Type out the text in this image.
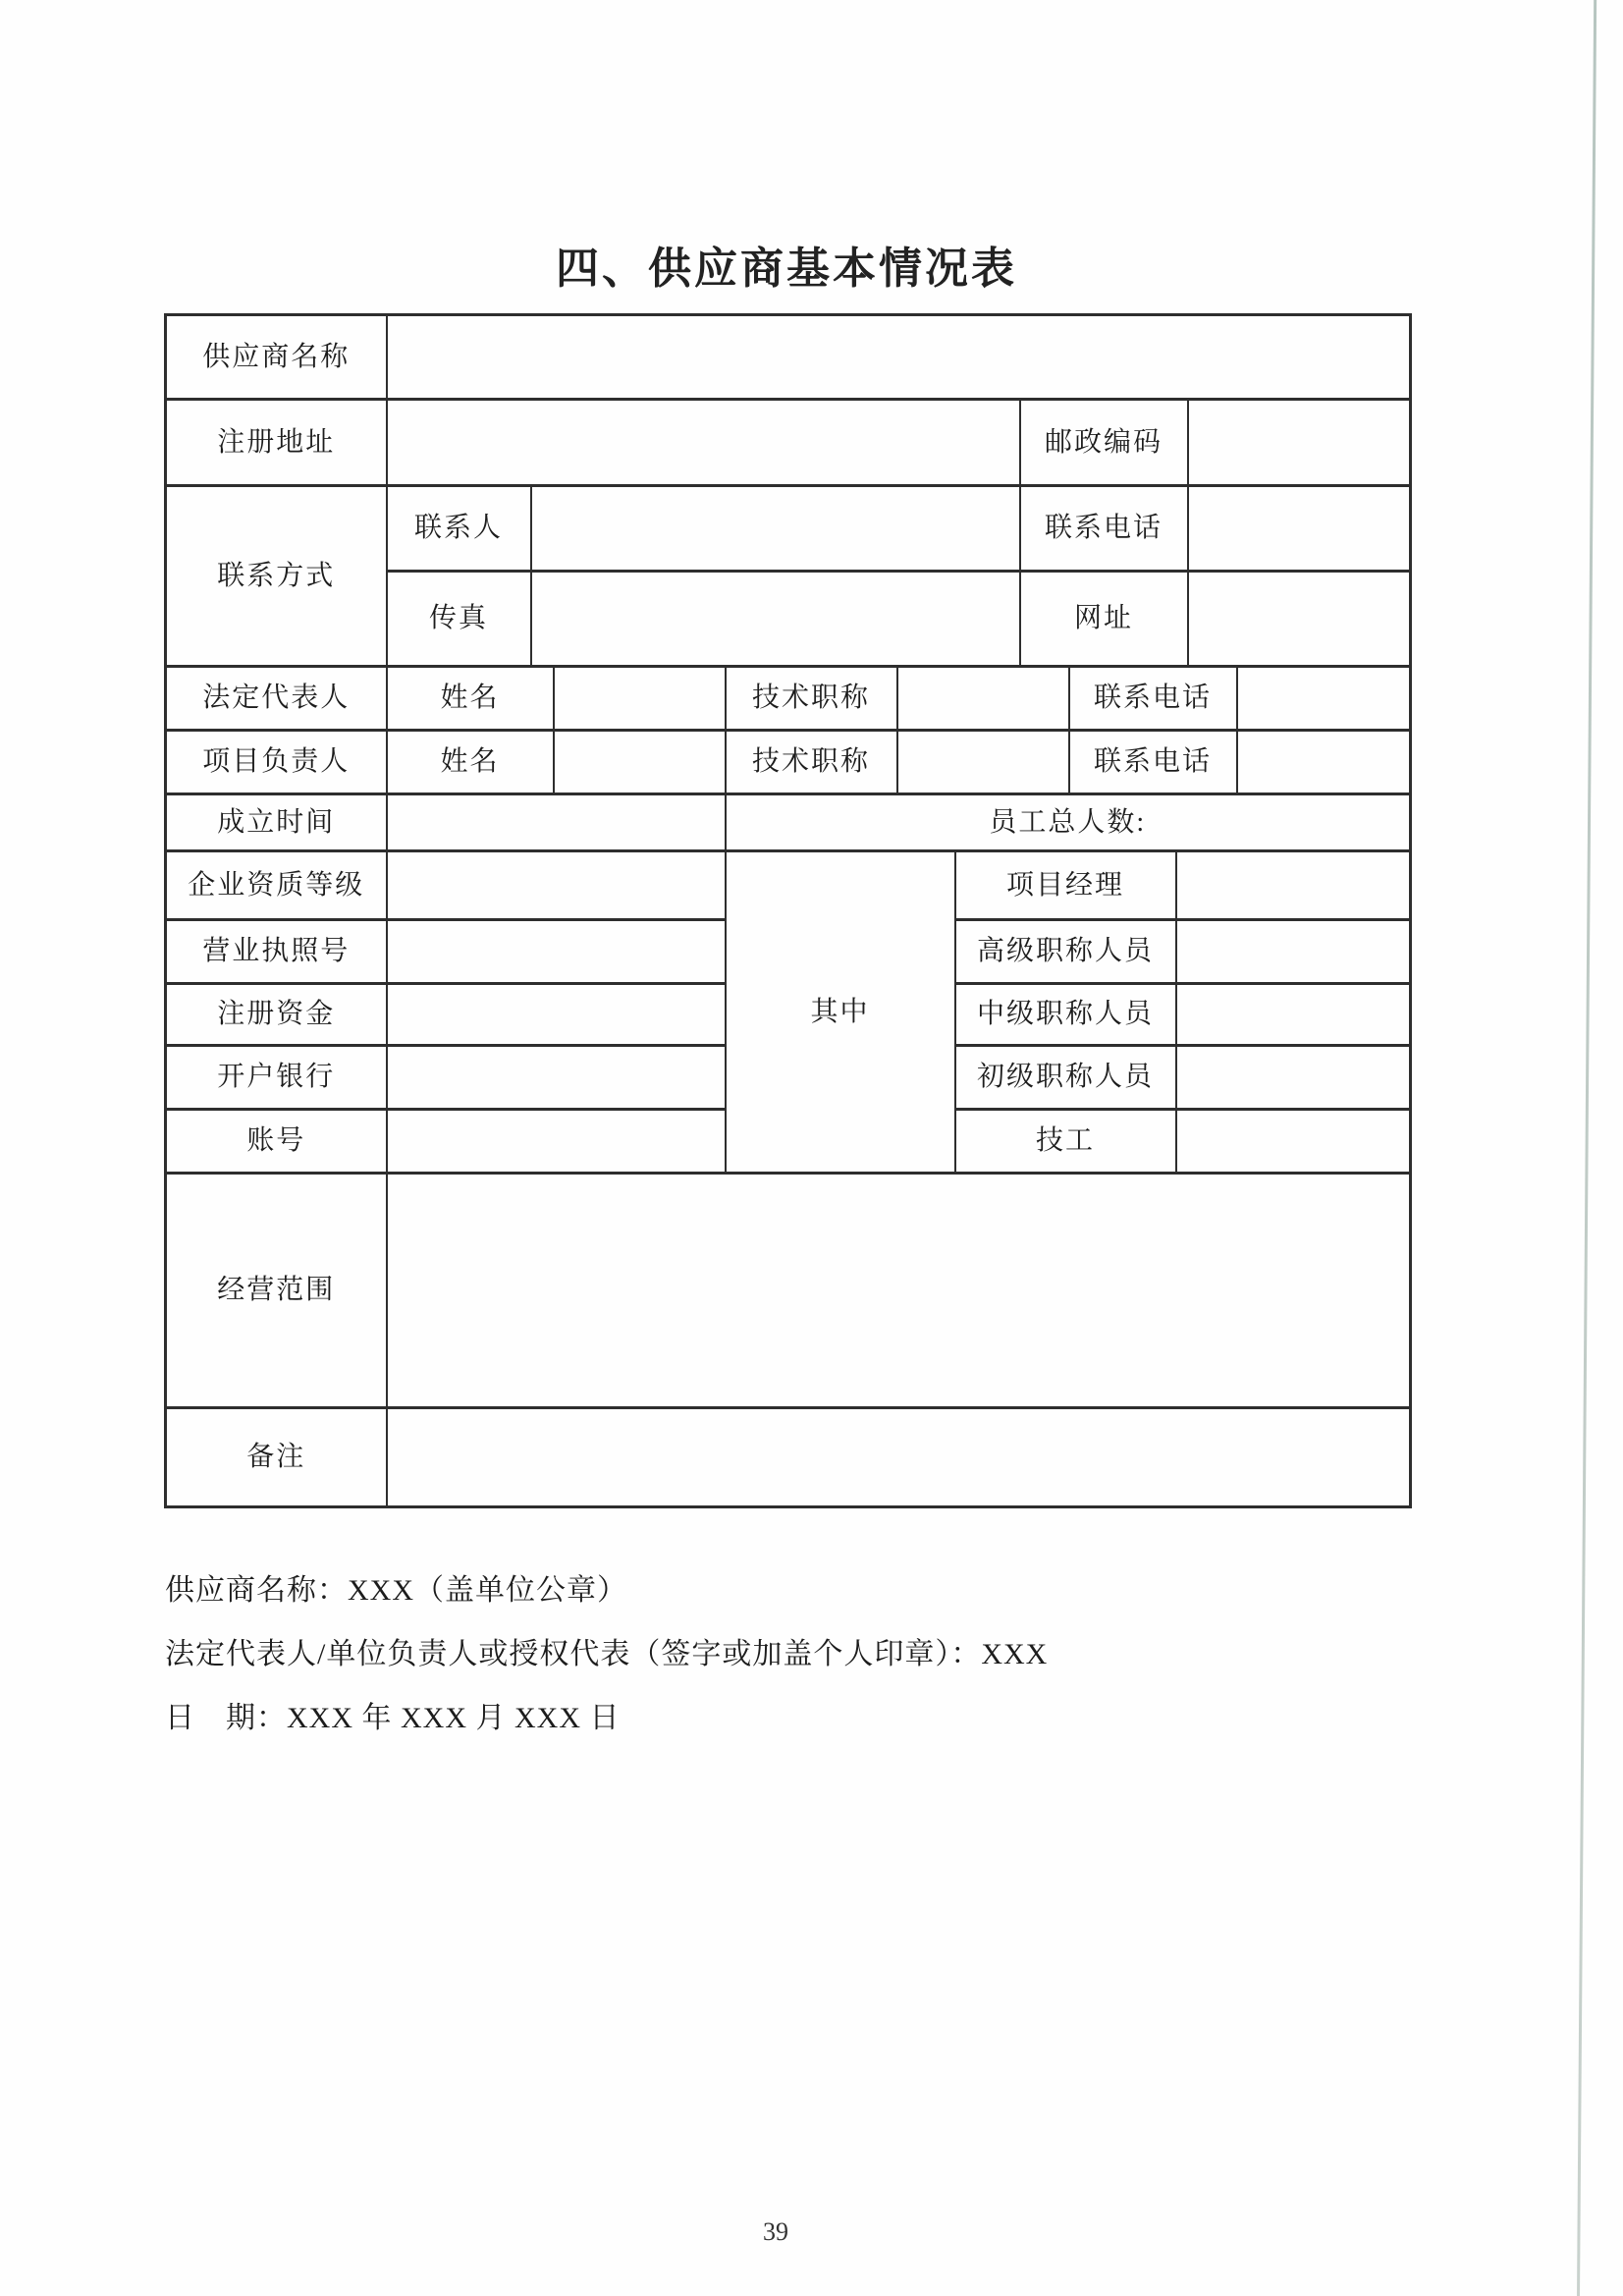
四、供应商基本情况表
供应商名称											
注册地址							邮政编码				
联系方式	联系人						联系电话				
	传真						网址				
法定代表人	姓名			技术职称				联系电话			
项目负责人	姓名			技术职称				联系电话			
成立时间				员工总人数:							
企业资质等级				其中		项目经理					
营业执照号						高级职称人员					
注册资金						中级职称人员					
开户银行						初级职称人员					
账号						技工					
经营范围											
备注											

供应商名称：XXX（盖单位公章）

法定代表人/单位负责人或授权代表（签字或加盖个人印章）：XXX

日　期：XXX 年 XXX 月 XXX 日

39
